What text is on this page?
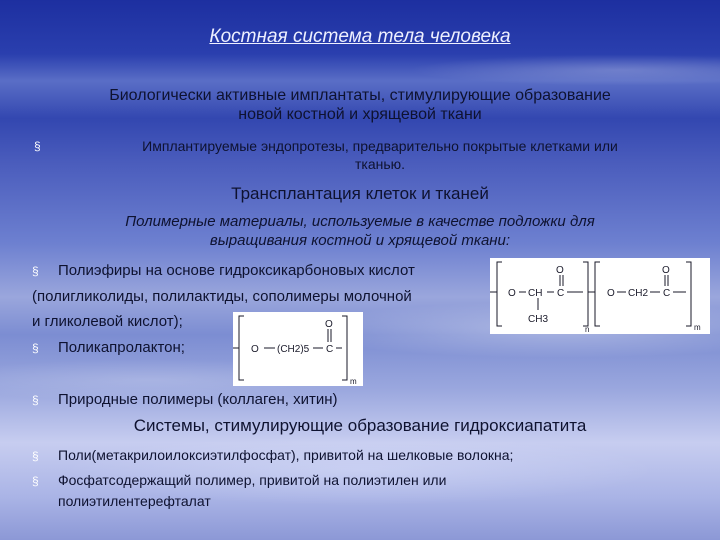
Костная система тела человека
Биологически активные имплантаты, стимулирующие образование
новой костной и хрящевой ткани
§	Имплантируемые эндопротезы, предварительно покрытые клетками или
тканью.
Трансплантация клеток и тканей
Полимерные материалы, используемые в качестве подложки для
выращивания костной и хрящевой ткани:
§ Полиэфиры на основе гидроксикарбоновых кислот
(полигликолиды, полилактиды, сополимеры молочной
и гликолевой кислот);
§ Поликапролактон;
§ Природные полимеры (коллаген, хитин)
Системы, стимулирующие образование гидроксиапатита
§ Поли(метакрилоилоксиэтилфосфат), привитой на шелковые волокна;
§ Фосфатсодержащий полимер, привитой на полиэтилен или
полиэтилентерефталат
O
O CH C
CH3
n
O
O CH2 C
m
O
O (CH2)5 C
m
